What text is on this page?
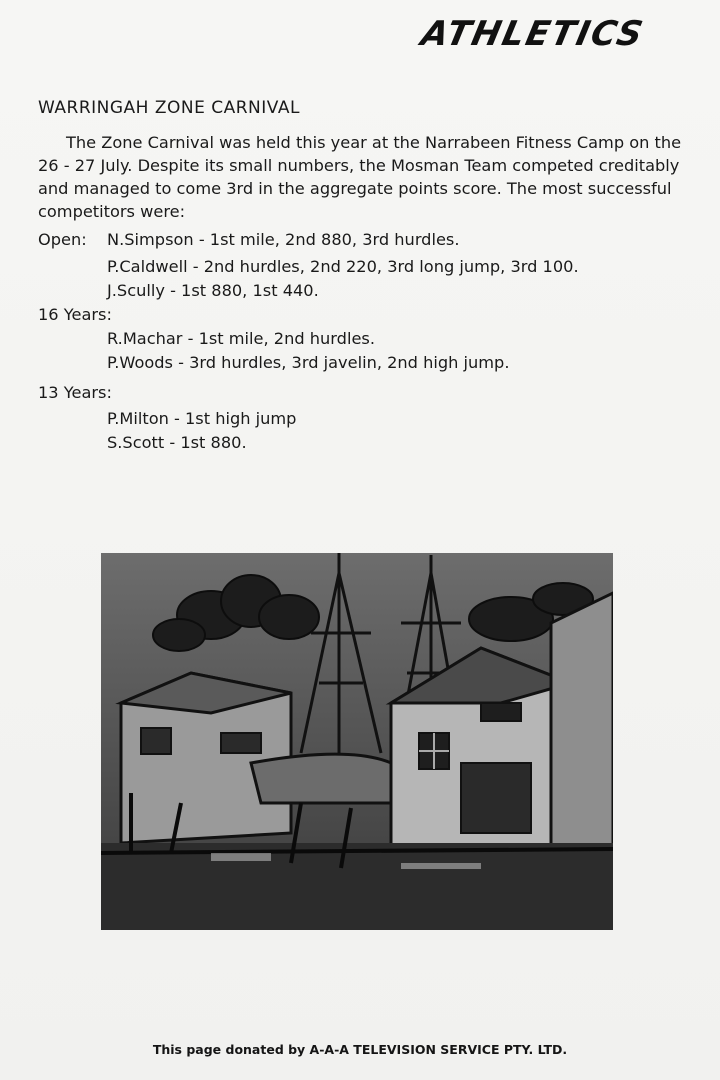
ATHLETICS
WARRINGAH ZONE CARNIVAL
The Zone Carnival was held this year at the Narrabeen Fitness Camp on the 26 - 27 July. Despite its small numbers, the Mosman Team competed creditably and managed to come 3rd in the aggregate points score. The most successful competitors were:
Open: N.Simpson - 1st mile, 2nd 880, 3rd hurdles.
P.Caldwell - 2nd hurdles, 2nd 220, 3rd long jump, 3rd 100.
J.Scully - 1st 880, 1st 440.
16 Years:
R.Machar - 1st mile, 2nd hurdles.
P.Woods - 3rd hurdles, 3rd javelin, 2nd high jump.
13 Years:
P.Milton - 1st high jump
S.Scott - 1st 880.
This page donated by A-A-A TELEVISION SERVICE PTY. LTD.
